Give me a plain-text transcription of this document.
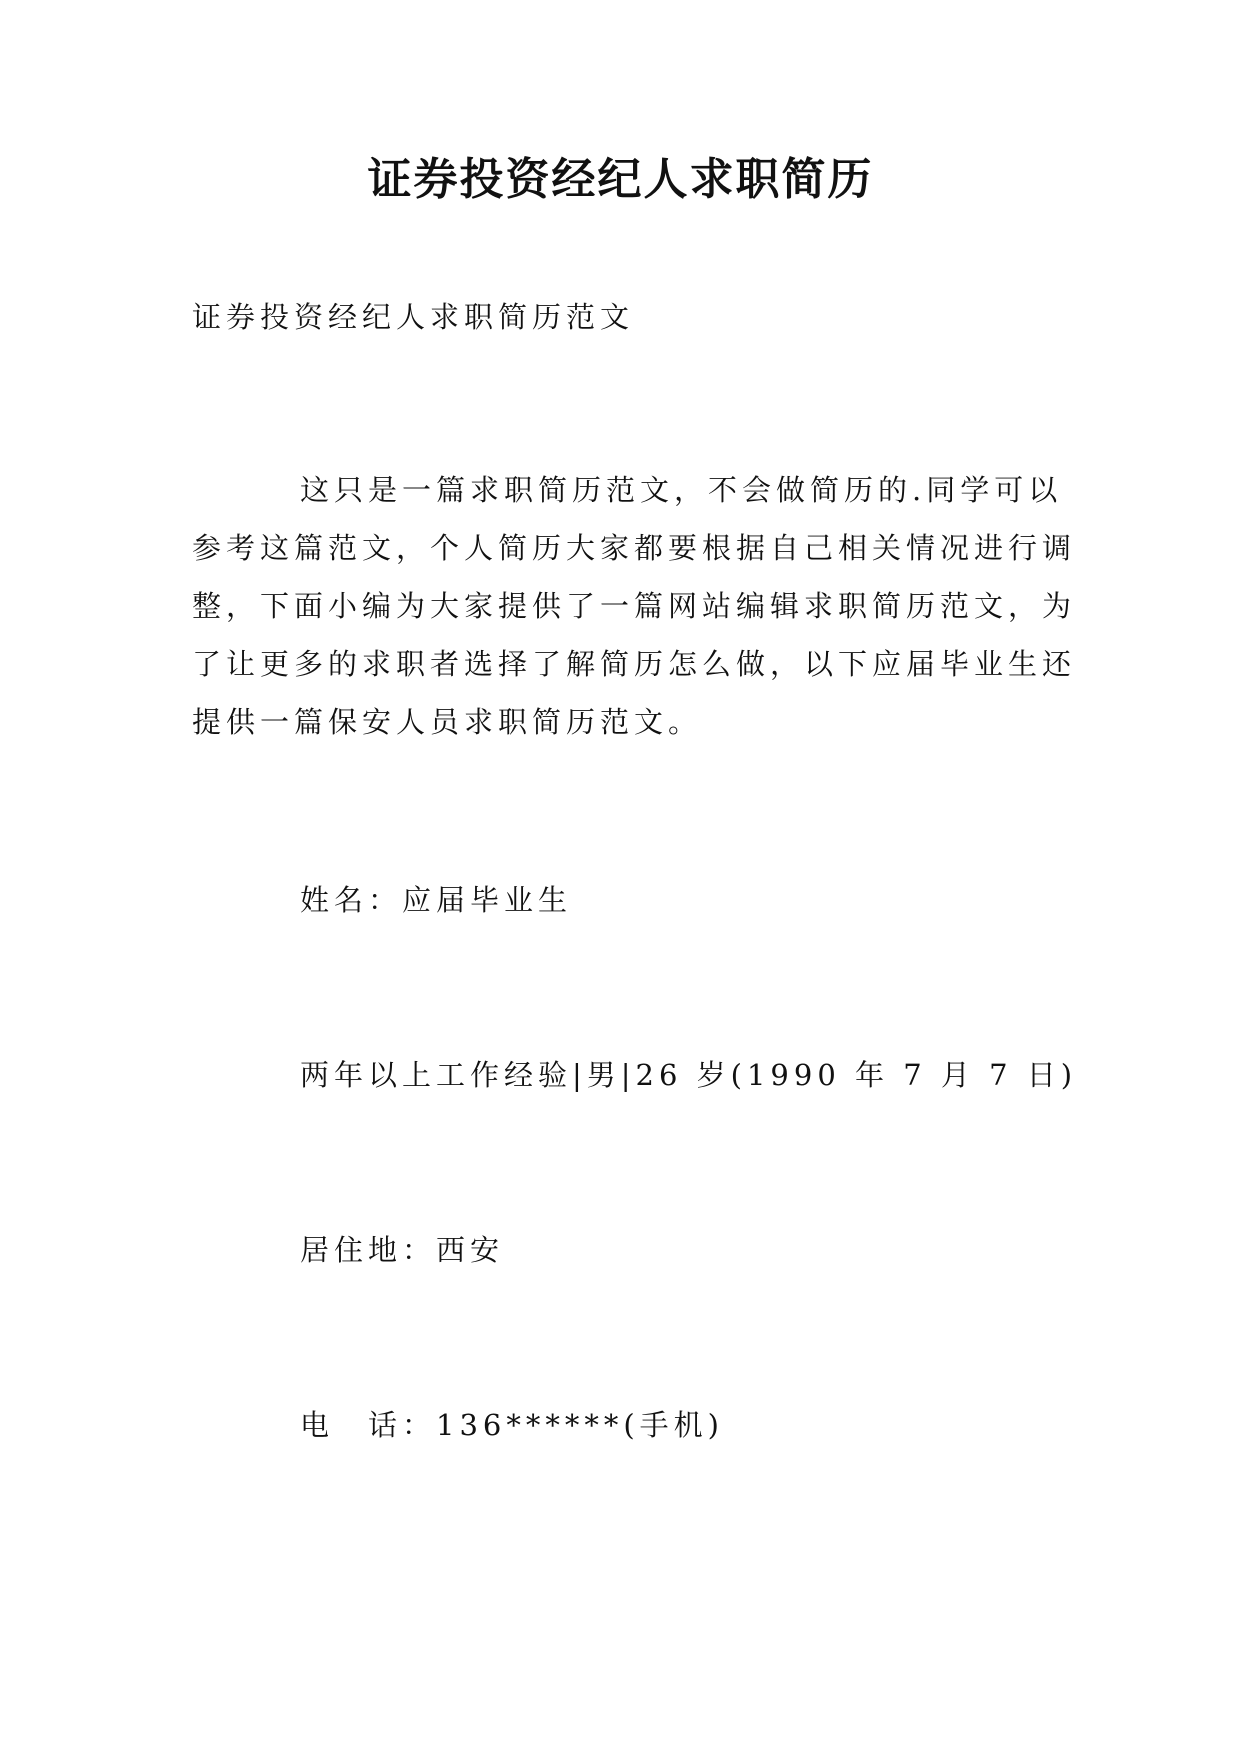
证券投资经纪人求职简历
证券投资经纪人求职简历范文
这只是一篇求职简历范文，不会做简历的.同学可以
参考这篇范文，个人简历大家都要根据自己相关情况进行调
整，下面小编为大家提供了一篇网站编辑求职简历范文，为
了让更多的求职者选择了解简历怎么做，以下应届毕业生还
提供一篇保安人员求职简历范文。
姓名：应届毕业生
两年以上工作经验|男|26 岁(1990 年 7 月 7 日)
居住地：西安
电　话：136******(手机)
